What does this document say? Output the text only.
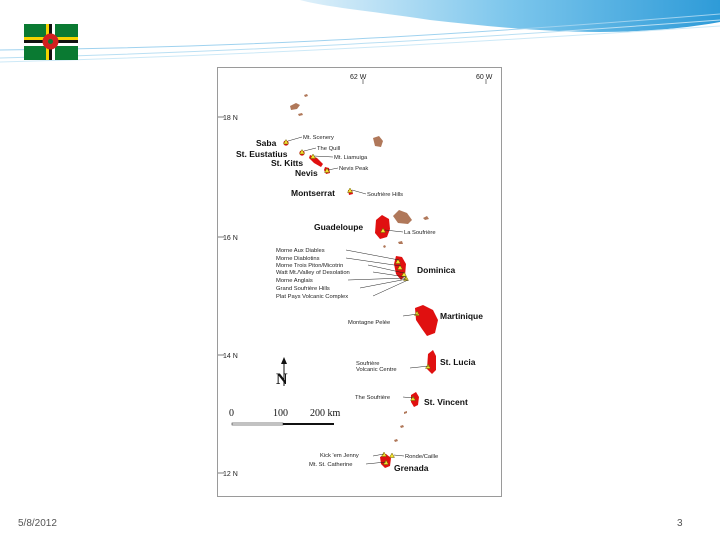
62 W	60 W
18 N
16 N
14 N
12 N
Saba
St. Eustatius
St. Kitts
Nevis
Montserrat
Guadeloupe
Dominica
Martinique
St. Lucia
St. Vincent
Grenada
Mt. Scenery
The Quill
Mt. Liamuiga
Nevis Peak
Soufrière Hills
La Soufrière
Morne Aux Diables
Morne Diablotins
Morne Trois Piton/Micotrin
Watt Mt./Valley of Desolation
Morne Anglais
Grand Soufrière Hills
Plat Pays Volcanic Complex
Montagne Pelée
Soufrière
Volcanic Centre
The Soufrière
Kick 'em Jenny	Ronde/Caille
Mt. St. Catherine
N
0	100 200 km
5/8/2012	3
